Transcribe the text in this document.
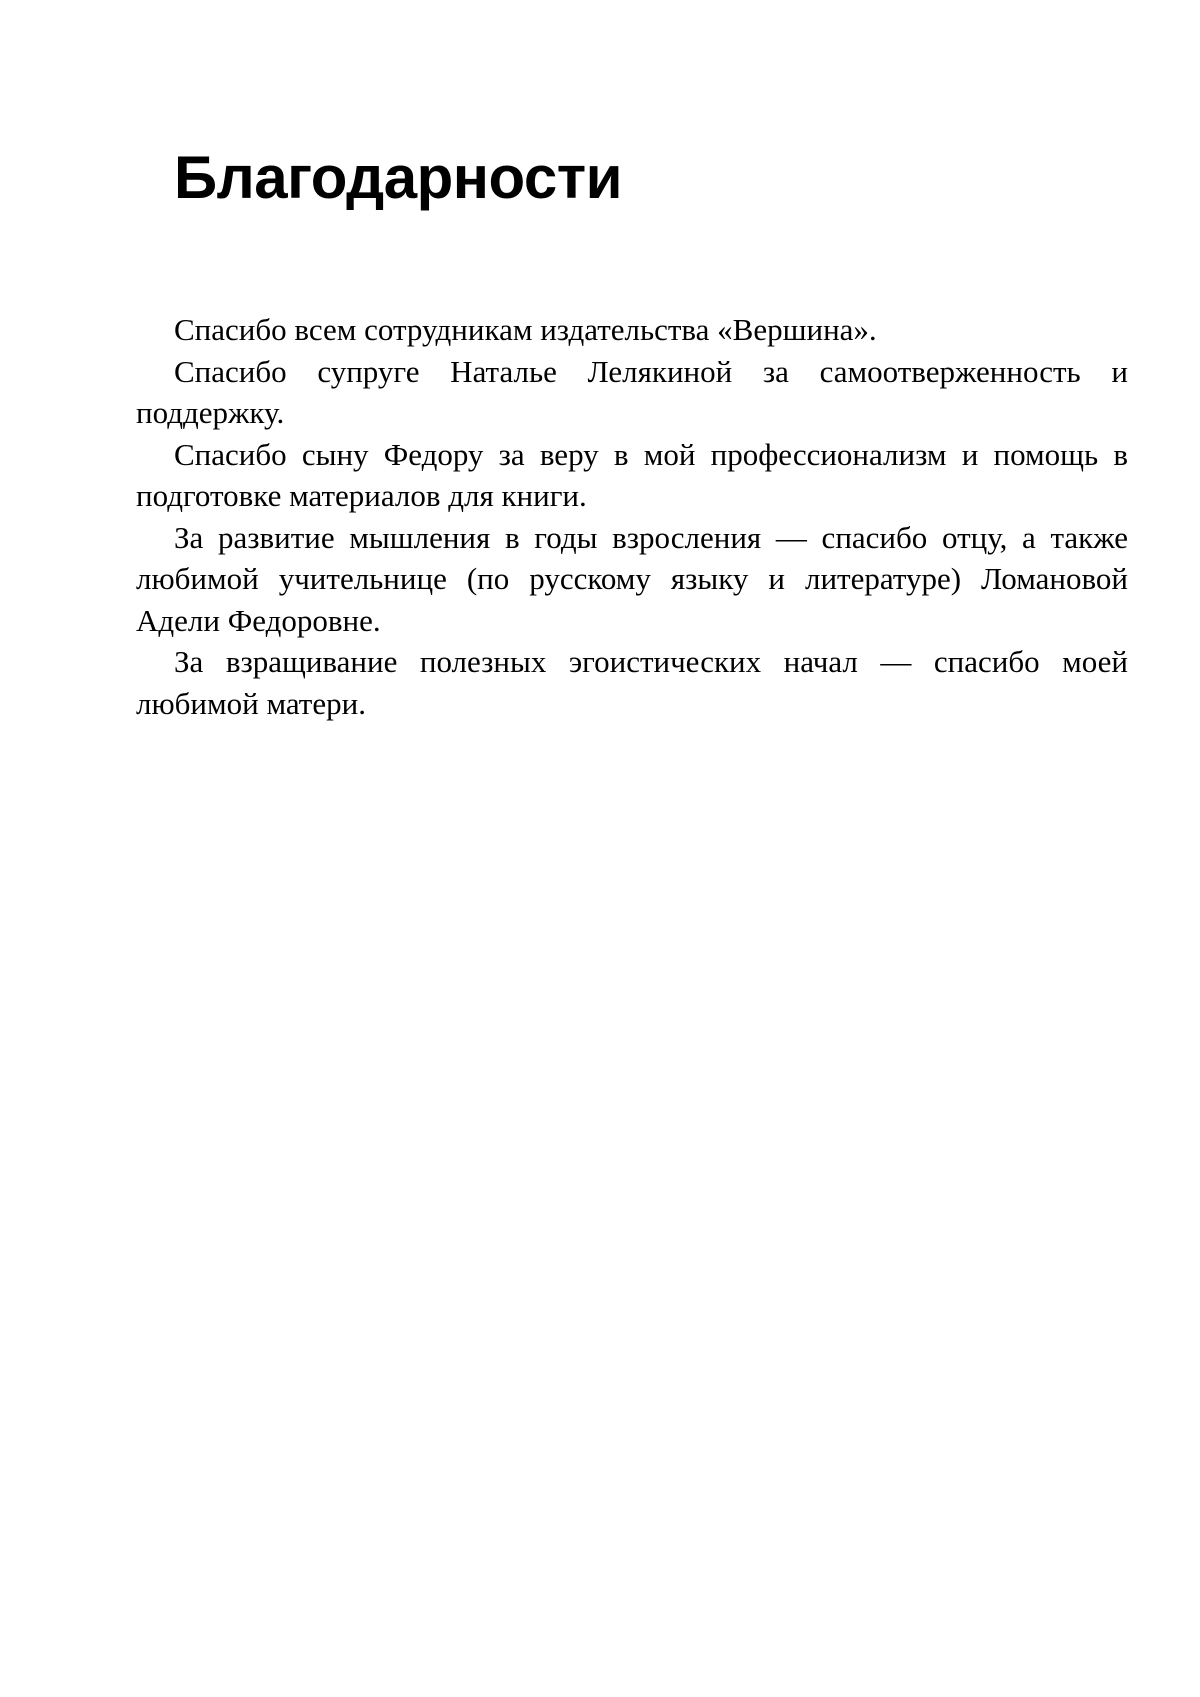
Благодарности

Спасибо всем сотрудникам издательства «Вершина».

Спасибо супруге Наталье Лелякиной за самоотверженность и поддержку.

Спасибо сыну Федору за веру в мой профессионализм и помощь в подготовке материалов для книги.

За развитие мышления в годы взросления — спасибо отцу, а также любимой учительнице (по русскому языку и литературе) Ломановой Адели Федоровне.

За взращивание полезных эгоистических начал — спасибо моей любимой матери.
